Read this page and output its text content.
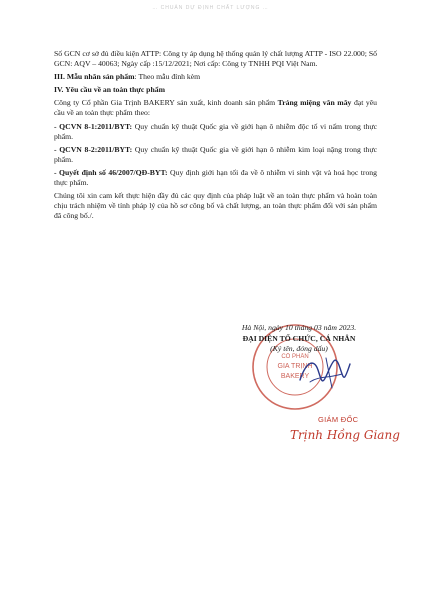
… CHUẨN DỰ ĐỊNH CHẤT LƯỢNG …

Số GCN cơ sở đủ điều kiện ATTP: Công ty áp dụng hệ thống quản lý chất lượng ATTP - ISO 22.000; Số GCN: AQV – 40063; Ngày cấp :15/12/2021; Nơi cấp: Công ty TNHH PQI Việt Nam.

III. Mẫu nhãn sản phẩm: Theo mẫu đính kèm

IV. Yêu cầu về an toàn thực phẩm

Công ty Cổ phần Gia Trịnh BAKERY sản xuất, kinh doanh sản phẩm Tráng miệng vân mây đạt yêu cầu về an toàn thực phẩm theo:

- QCVN 8-1:2011/BYT: Quy chuẩn kỹ thuật Quốc gia về giới hạn ô nhiễm độc tố vi nấm trong thực phẩm.

- QCVN 8-2:2011/BYT: Quy chuẩn kỹ thuật Quốc gia về giới hạn ô nhiễm kim loại nặng trong thực phẩm.

- Quyết định số 46/2007/QĐ-BYT: Quy định giới hạn tối đa về ô nhiễm vi sinh vật và hoá học trong thực phẩm.

Chúng tôi xin cam kết thực hiện đầy đủ các quy định của pháp luật về an toàn thực phẩm và hoàn toàn chịu trách nhiệm về tính pháp lý của hồ sơ công bố và chất lượng, an toàn thực phẩm đối với sản phẩm đã công bố./.

CỔ PHẦN
GIA TRỊNH
BAKERY
Hà Nội, ngày 10 tháng 03 năm 2023.
ĐẠI DIỆN TỔ CHỨC, CÁ NHÂN
(Ký tên, đóng dấu)
GIÁM ĐỐC
Trịnh Hồng Giang
